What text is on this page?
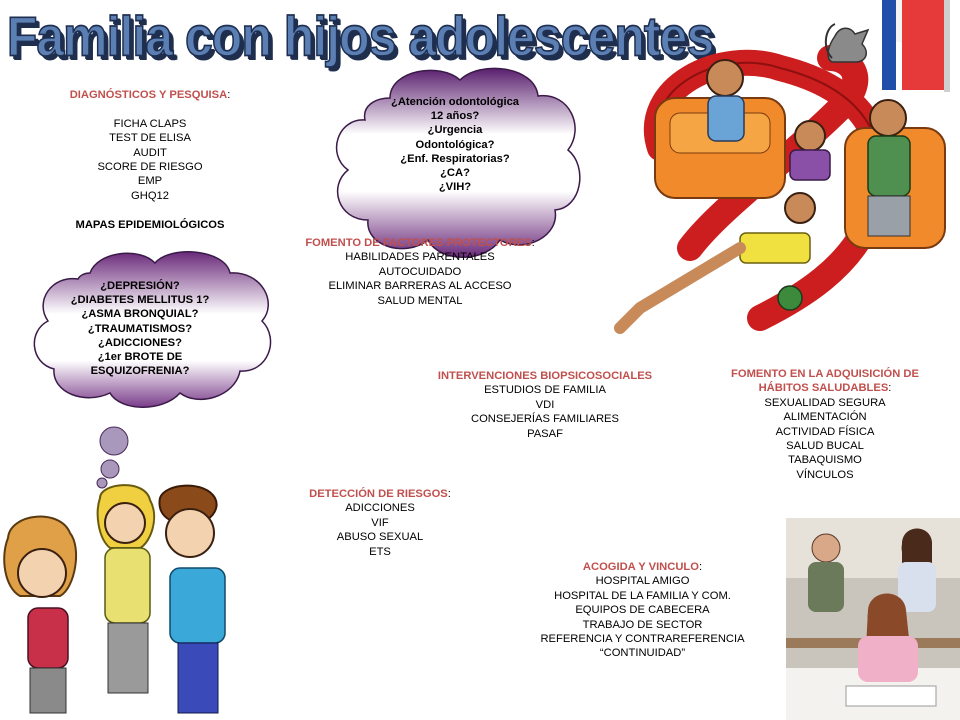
Familia con hijos adolescentes
¿Atención odontológica
12 años?
¿Urgencia
Odontológica?
¿Enf. Respiratorias?
¿CA?
¿VIH?
¿DEPRESIÓN?
¿DIABETES MELLITUS 1?
¿ASMA BRONQUIAL?
¿TRAUMATISMOS?
¿ADICCIONES?
¿1er BROTE DE
ESQUIZOFRENIA?
DIAGNÓSTICOS Y PESQUISA:

FICHA CLAPS
TEST DE ELISA
AUDIT
SCORE DE RIESGO
EMP
GHQ12

MAPAS EPIDEMIOLÓGICOS
FOMENTO DE FACTORES PROTECTORES:
HABILIDADES PARENTALES
AUTOCUIDADO
ELIMINAR BARRERAS AL ACCESO
SALUD MENTAL
INTERVENCIONES BIOPSICOSOCIALES
ESTUDIOS DE FAMILIA
VDI
CONSEJERÍAS FAMILIARES
PASAF
FOMENTO EN LA ADQUISICIÓN DE
HÁBITOS SALUDABLES:
SEXUALIDAD SEGURA
ALIMENTACIÓN
ACTIVIDAD FÍSICA
SALUD BUCAL
TABAQUISMO
VÍNCULOS
DETECCIÓN DE RIESGOS:
ADICCIONES
VIF
ABUSO SEXUAL
ETS
ACOGIDA Y VINCULO:
HOSPITAL AMIGO
HOSPITAL DE LA FAMILIA Y COM.
EQUIPOS DE CABECERA
TRABAJO DE SECTOR
REFERENCIA Y CONTRAREFERENCIA
“CONTINUIDAD”
